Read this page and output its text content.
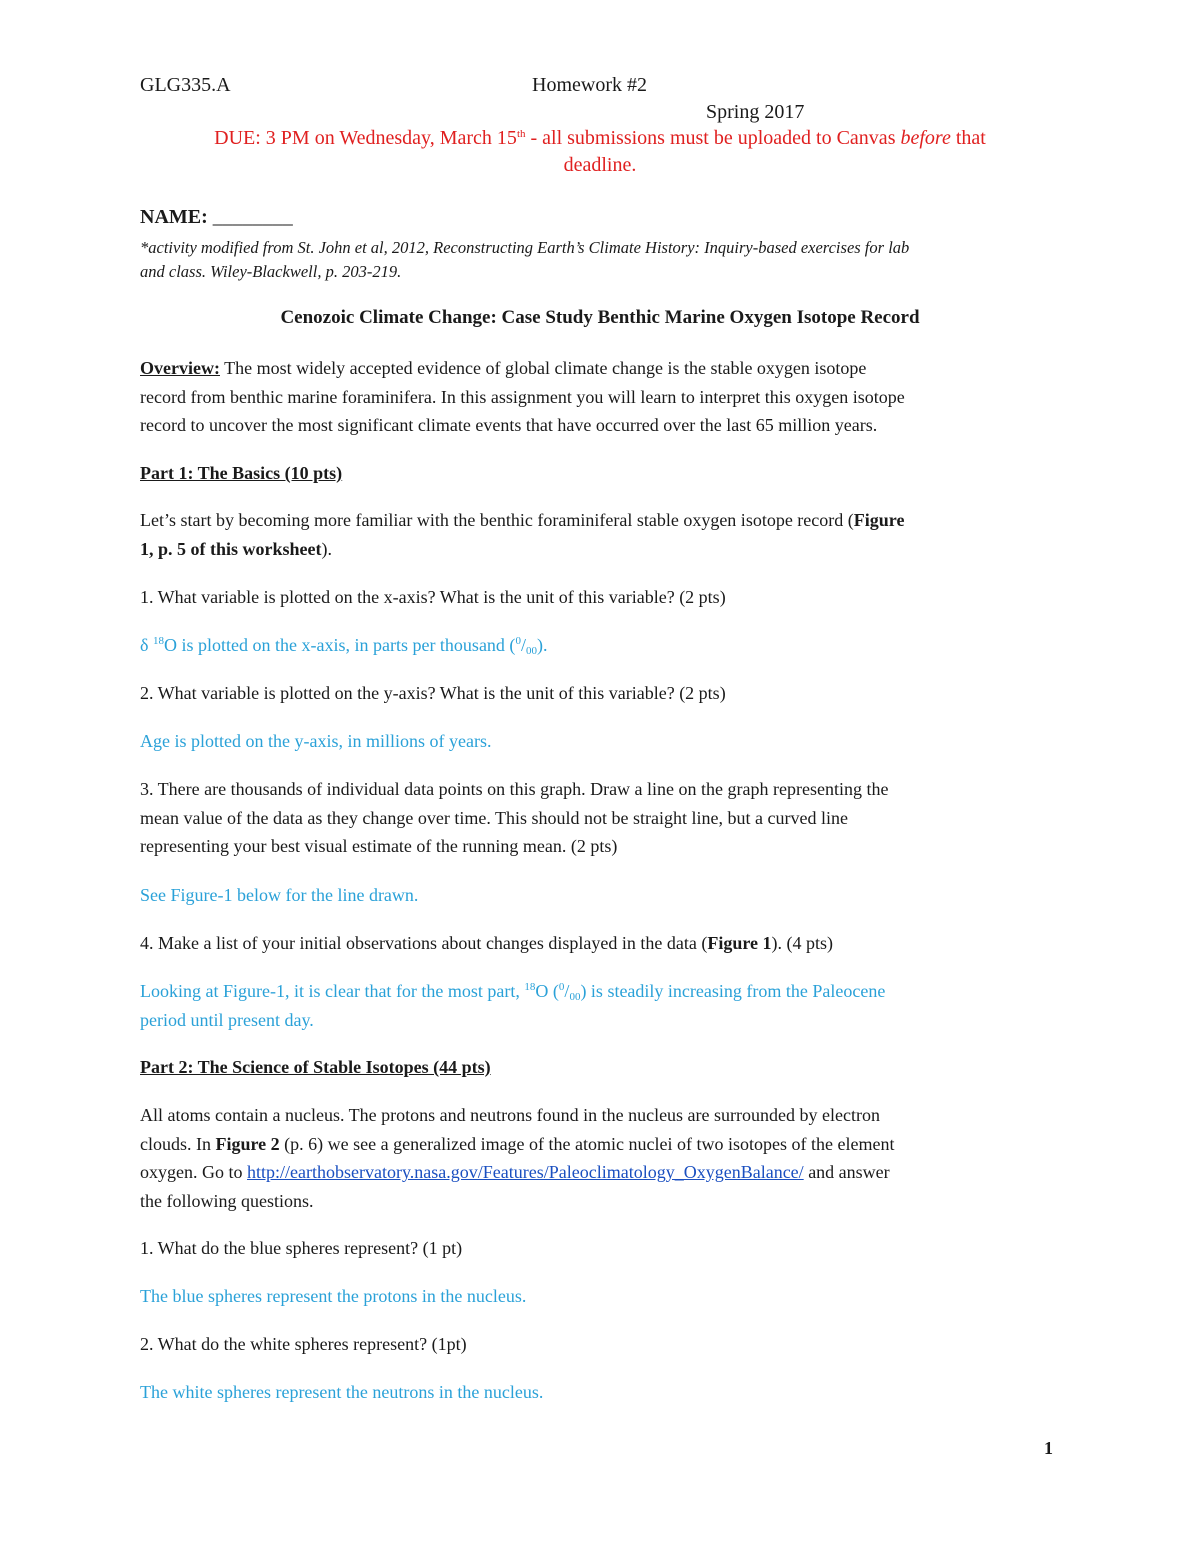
GLG335.A	Homework #2
Spring 2017
DUE: 3 PM on Wednesday, March 15th - all submissions must be uploaded to Canvas before that
deadline.
NAME: ________
*activity modified from St. John et al, 2012, Reconstructing Earth’s Climate History: Inquiry-based exercises for lab
and class. Wiley-Blackwell, p. 203-219.
Cenozoic Climate Change: Case Study Benthic Marine Oxygen Isotope Record
Overview: The most widely accepted evidence of global climate change is the stable oxygen isotope
record from benthic marine foraminifera. In this assignment you will learn to interpret this oxygen isotope
record to uncover the most significant climate events that have occurred over the last 65 million years.
Part 1: The Basics (10 pts)
Let’s start by becoming more familiar with the benthic foraminiferal stable oxygen isotope record (Figure
1, p. 5 of this worksheet).
1. What variable is plotted on the x-axis? What is the unit of this variable? (2 pts)
δ $^{18}$O is plotted on the x-axis, in parts per thousand $(^0/_{00})$.
2. What variable is plotted on the y-axis? What is the unit of this variable? (2 pts)
Age is plotted on the y-axis, in millions of years.
3. There are thousands of individual data points on this graph. Draw a line on the graph representing the
mean value of the data as they change over time. This should not be straight line, but a curved line
representing your best visual estimate of the running mean. (2 pts)
See Figure-1 below for the line drawn.
4. Make a list of your initial observations about changes displayed in the data (Figure 1). (4 pts)
Looking at Figure-1, it is clear that for the most part, $^{18}$O $(^0/_{00})$ is steadily increasing from the Paleocene
period until present day.
Part 2: The Science of Stable Isotopes (44 pts)
All atoms contain a nucleus. The protons and neutrons found in the nucleus are surrounded by electron
clouds. In Figure 2 (p. 6) we see a generalized image of the atomic nuclei of two isotopes of the element
oxygen. Go to http://earthobservatory.nasa.gov/Features/Paleoclimatology_OxygenBalance/ and answer
the following questions.
1. What do the blue spheres represent? (1 pt)
The blue spheres represent the protons in the nucleus.
2. What do the white spheres represent? (1pt)
The white spheres represent the neutrons in the nucleus.
1
